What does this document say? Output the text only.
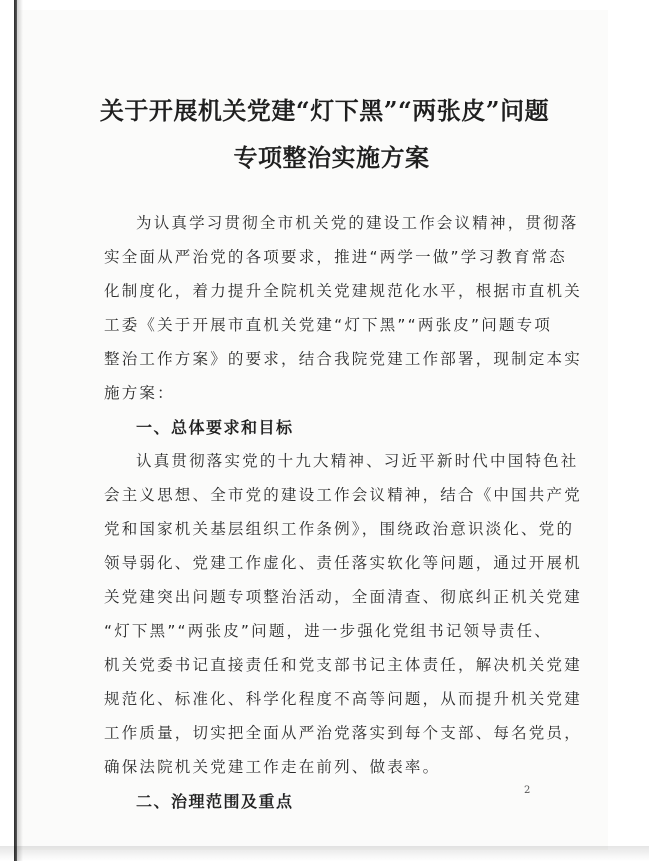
关于开展机关党建“灯下黑”“两张皮”问题
专项整治实施方案
为认真学习贯彻全市机关党的建设工作会议精神，贯彻落
实全面从严治党的各项要求，推进“两学一做”学习教育常态
化制度化，着力提升全院机关党建规范化水平，根据市直机关
工委《关于开展市直机关党建“灯下黑”“两张皮”问题专项
整治工作方案》的要求，结合我院党建工作部署，现制定本实
施方案：
一、总体要求和目标
认真贯彻落实党的十九大精神、习近平新时代中国特色社
会主义思想、全市党的建设工作会议精神，结合《中国共产党
党和国家机关基层组织工作条例》，围绕政治意识淡化、党的
领导弱化、党建工作虚化、责任落实软化等问题，通过开展机
关党建突出问题专项整治活动，全面清查、彻底纠正机关党建
“灯下黑”“两张皮”问题，进一步强化党组书记领导责任、
机关党委书记直接责任和党支部书记主体责任，解决机关党建
规范化、标准化、科学化程度不高等问题，从而提升机关党建
工作质量，切实把全面从严治党落实到每个支部、每名党员，
确保法院机关党建工作走在前列、做表率。
二、治理范围及重点
2
